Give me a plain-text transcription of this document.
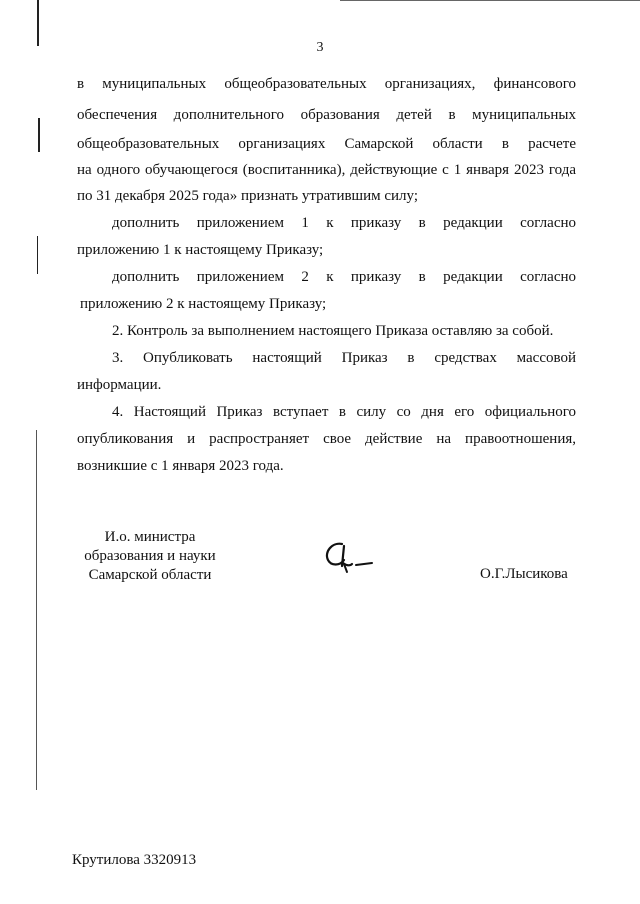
3
в муниципальных общеобразовательных организациях, финансового
обеспечения дополнительного образования детей в муниципальных
общеобразовательных организациях Самарской области в расчете
на одного обучающегося (воспитанника), действующие с 1 января 2023 года
по 31 декабря 2025 года» признать утратившим силу;
дополнить приложением 1 к приказу в редакции согласно
приложению 1 к настоящему Приказу;
дополнить приложением 2 к приказу в редакции согласно
приложению 2 к настоящему Приказу;
2. Контроль за выполнением настоящего Приказа оставляю за собой.
3. Опубликовать настоящий Приказ в средствах массовой
информации.
4. Настоящий Приказ вступает в силу со дня его официального
опубликования и распространяет свое действие на правоотношения,
возникшие с 1 января 2023 года.
И.о. министра
образования и науки
Самарской области	О.Г.Лысикова
Крутилова 3320913
